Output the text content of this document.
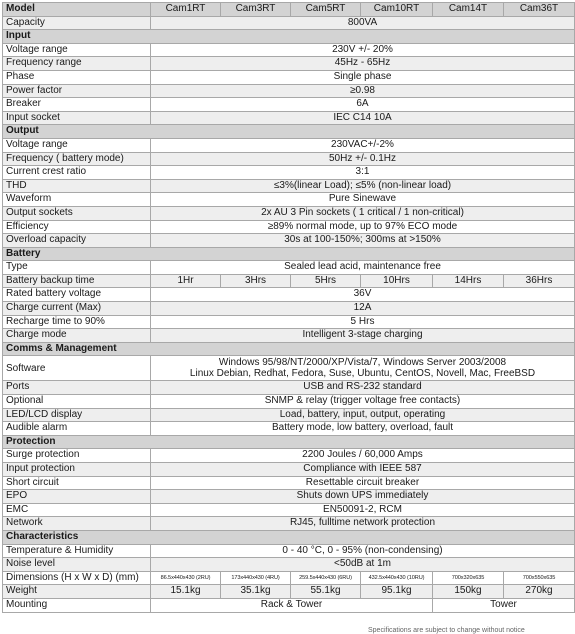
Model	Cam1RT	Cam3RT	Cam5RT	Cam10RT	Cam14T	Cam36T
Capacity	800VA					
Input						
Voltage range	230V +/- 20%					
Frequency range	45Hz - 65Hz					
Phase	Single phase					
Power factor	≥0.98					
Breaker	6A					
Input socket	IEC C14 10A					
Output						
Voltage range	230VAC+/-2%					
Frequency ( battery mode)	50Hz +/- 0.1Hz					
Current crest ratio	3:1					
THD	≤3%(linear Load); ≤5% (non-linear load)					
Waveform	Pure Sinewave					
Output sockets	2x AU 3 Pin sockets ( 1 critical / 1 non-critical)					
Efficiency	≥89% normal mode, up to 97% ECO mode					
Overload capacity	30s at 100-150%; 300ms at >150%					
Battery						
Type	Sealed lead acid, maintenance free					
Battery backup time	1Hr	3Hrs	5Hrs	10Hrs	14Hrs	36Hrs
Rated battery voltage	36V					
Charge current (Max)	12A					
Recharge time to 90%	5 Hrs					
Charge mode	Intelligent 3-stage charging					
Comms & Management						
Software	Windows 95/98/NT/2000/XP/Vista/7, Windows Server 2003/2008
Linux Debian, Redhat, Fedora, Suse, Ubuntu, CentOS, Novell, Mac, FreeBSD					
Ports	USB and RS-232 standard					
Optional	SNMP & relay (trigger voltage free contacts)					
LED/LCD display	Load, battery, input, output, operating					
Audible alarm	Battery mode, low battery, overload, fault					
Protection						
Surge protection	2200 Joules / 60,000 Amps					
Input protection	Compliance with IEEE 587					
Short circuit	Resettable circuit breaker					
EPO	Shuts down UPS immediately					
EMC	EN50091-2, RCM					
Network	RJ45, fulltime network protection					
Characteristics						
Temperature & Humidity	0 - 40 °C, 0 - 95% (non-condensing)					
Noise level	<50dB at 1m					
Dimensions (H x W x D) (mm)	86.5x440x430 (2RU)	173x440x430 (4RU)	259.5x440x430 (6RU)	432.5x440x430 (10RU)	700x320x635	700x550x635
Weight	15.1kg	35.1kg	55.1kg	95.1kg	150kg	270kg
Mounting	Rack & Tower				Tower	
Specifications are subject to change without notice
